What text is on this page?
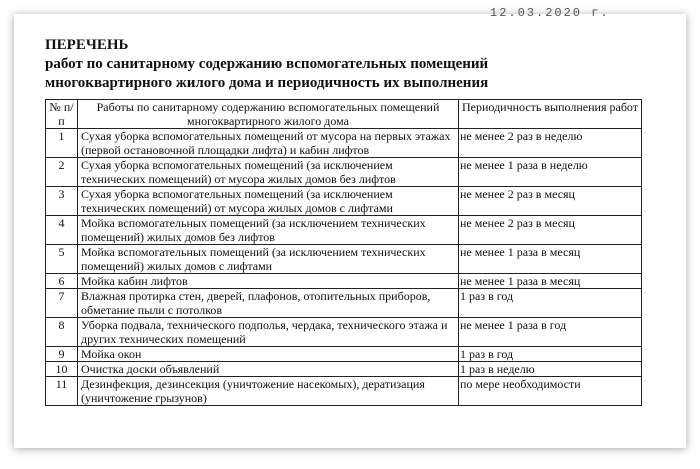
12.03.2020 г.
ПЕРЕЧЕНЬ
работ по санитарному содержанию вспомогательных помещений
многоквартирного жилого дома и периодичность их выполнения
№ п/п	Работы по санитарному содержанию вспомогательных помещений многоквартирного жилого дома	Периодичность выполнения работ
1	Сухая уборка вспомогательных помещений от мусора на первых этажах (первой остановочной площадки лифта) и кабин лифтов	не менее 2 раз в неделю
2	Сухая уборка вспомогательных помещений (за исключением технических помещений) от мусора жилых домов без лифтов	не менее 1 раза в неделю
3	Сухая уборка вспомогательных помещений (за исключением технических помещений) от мусора жилых домов с лифтами	не менее 2 раз в месяц
4	Мойка вспомогательных помещений (за исключением технических помещений) жилых домов без лифтов	не менее 2 раз в месяц
5	Мойка вспомогательных помещений (за исключением технических помещений) жилых домов с лифтами	не менее 1 раза в месяц
6	Мойка кабин лифтов	не менее 1 раза в месяц
7	Влажная протирка стен, дверей, плафонов, отопительных приборов, обметание пыли с потолков	1 раз в год
8	Уборка подвала, технического подполья, чердака, технического этажа и других технических помещений	не менее 1 раза в год
9	Мойка окон	1 раз в год
10	Очистка доски объявлений	1 раз в неделю
11	Дезинфекция, дезинсекция (уничтожение насекомых), дератизация (уничтожение грызунов)	по мере необходимости
